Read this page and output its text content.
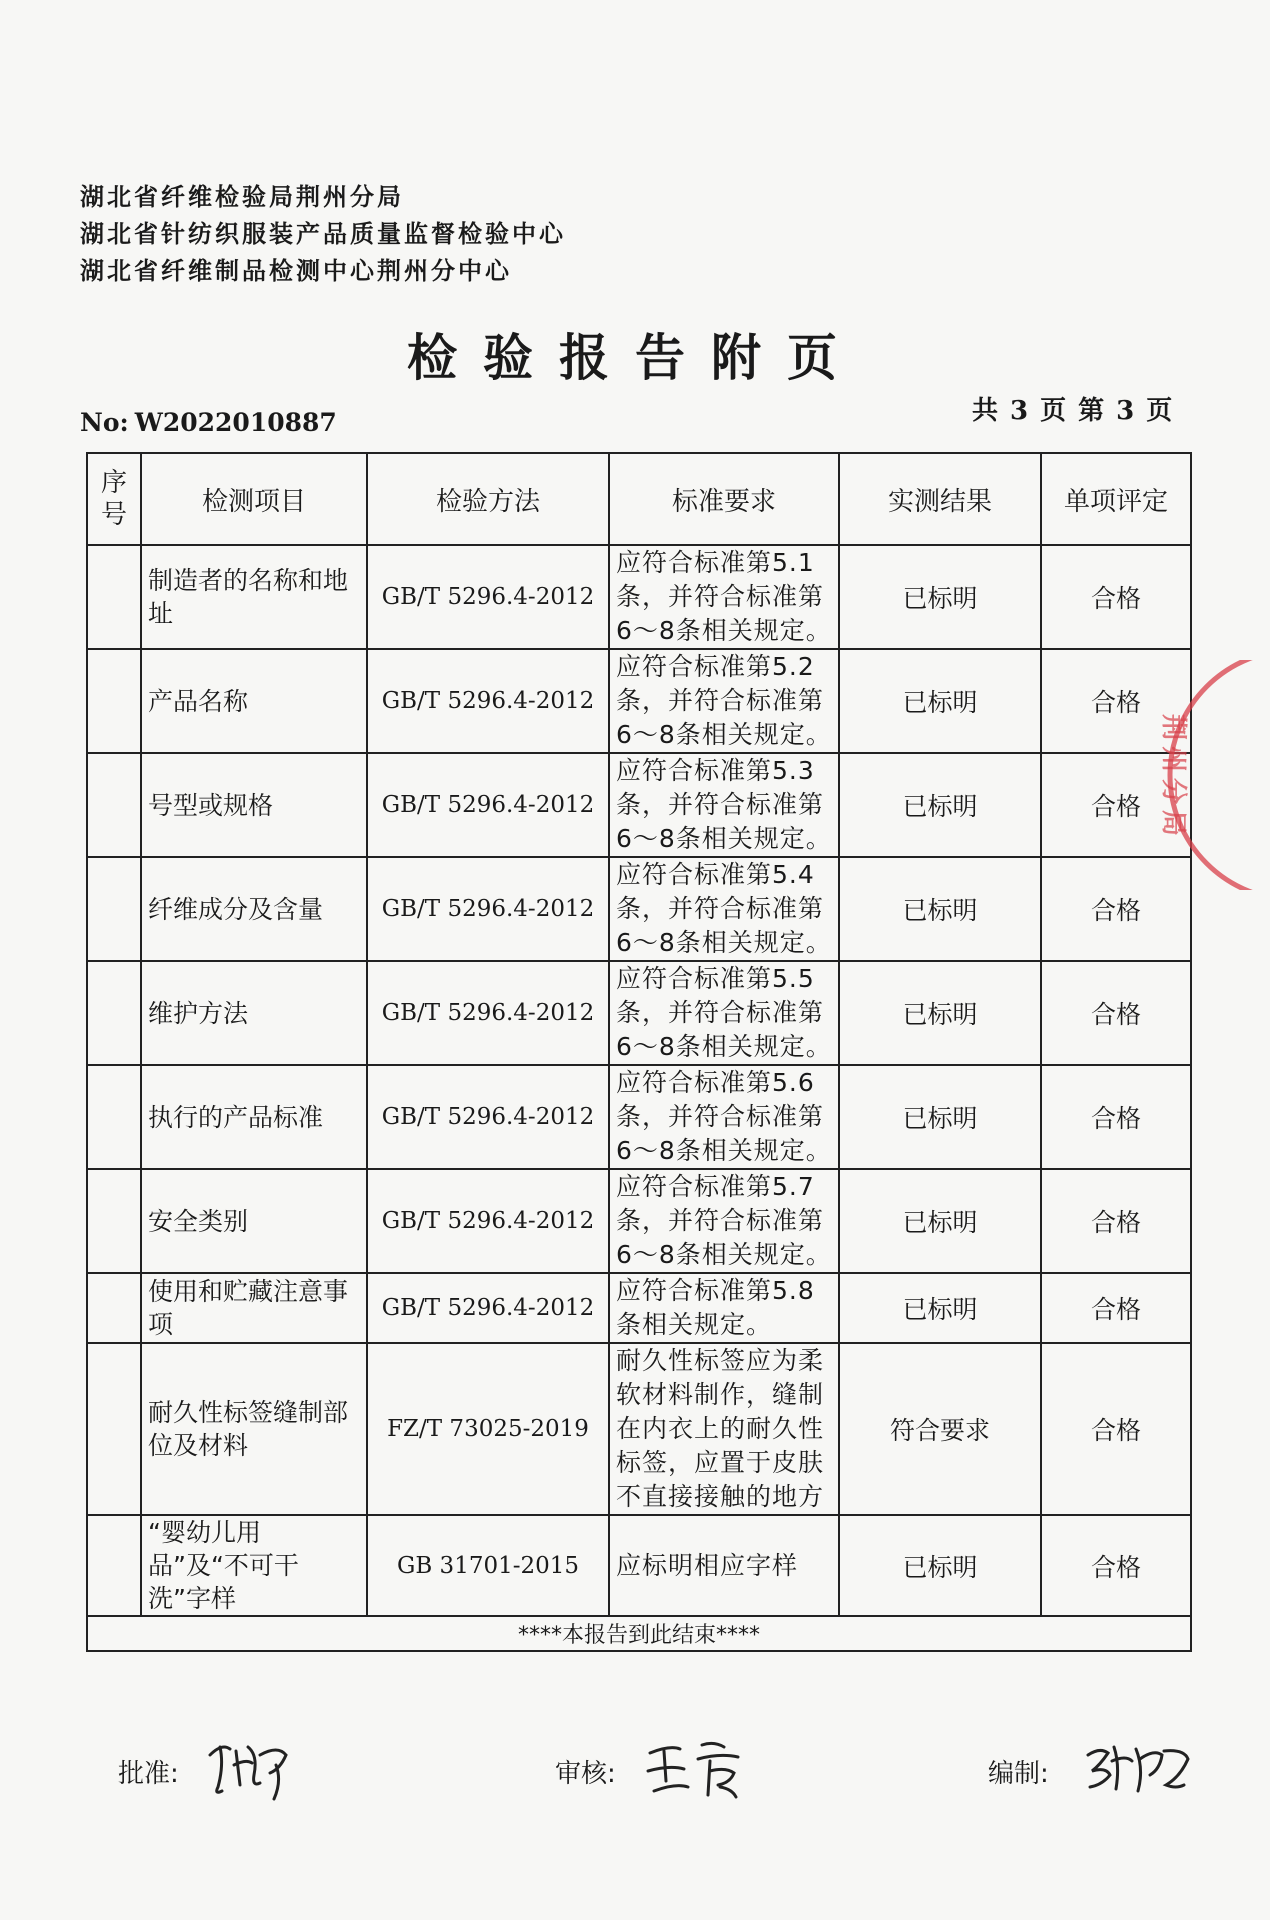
湖北省纤维检验局荆州分局
湖北省针纺织服装产品质量监督检验中心
湖北省纤维制品检测中心荆州分中心
检验报告附页
No: W2022010887	共 3 页 第 3 页
序
号	检测项目	检验方法	标准要求	实测结果	单项评定
	制造者的名称和地址	GB/T 5296.4-2012	应符合标准第5.1条，并符合标准第6～8条相关规定。	已标明	合格
	产品名称	GB/T 5296.4-2012	应符合标准第5.2条，并符合标准第6～8条相关规定。	已标明	合格
	号型或规格	GB/T 5296.4-2012	应符合标准第5.3条，并符合标准第6～8条相关规定。	已标明	合格
	纤维成分及含量	GB/T 5296.4-2012	应符合标准第5.4条，并符合标准第6～8条相关规定。	已标明	合格
	维护方法	GB/T 5296.4-2012	应符合标准第5.5条，并符合标准第6～8条相关规定。	已标明	合格
	执行的产品标准	GB/T 5296.4-2012	应符合标准第5.6条，并符合标准第6～8条相关规定。	已标明	合格
	安全类别	GB/T 5296.4-2012	应符合标准第5.7条，并符合标准第6～8条相关规定。	已标明	合格
	使用和贮藏注意事项	GB/T 5296.4-2012	应符合标准第5.8条相关规定。	已标明	合格
	耐久性标签缝制部位及材料	FZ/T 73025-2019	耐久性标签应为柔软材料制作，缝制在内衣上的耐久性标签，应置于皮肤不直接接触的地方	符合要求	合格
	“婴幼儿用品”及“不可干洗”字样	GB 31701-2015	应标明相应字样	已标明	合格
****本报告到此结束****					
批准:	审核:	编制:
荆州分局
